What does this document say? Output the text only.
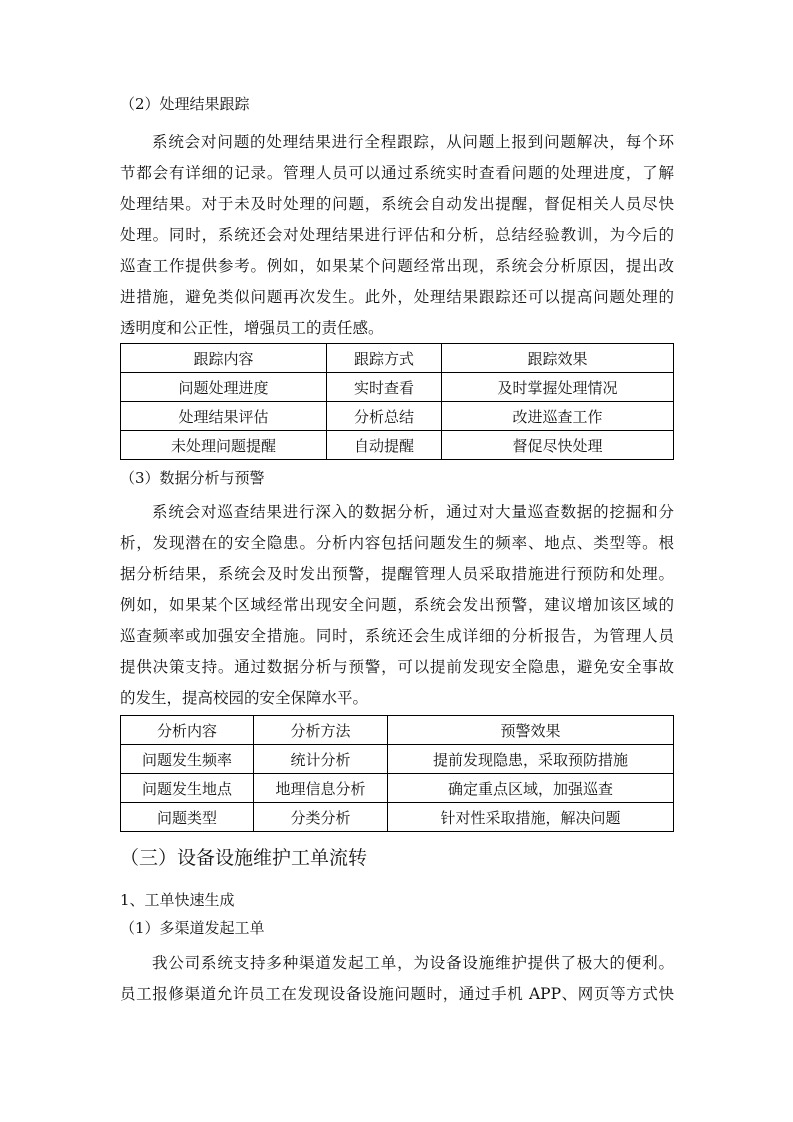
（2）处理结果跟踪
系统会对问题的处理结果进行全程跟踪，从问题上报到问题解决，每个环
节都会有详细的记录。管理人员可以通过系统实时查看问题的处理进度，了解
处理结果。对于未及时处理的问题，系统会自动发出提醒，督促相关人员尽快
处理。同时，系统还会对处理结果进行评估和分析，总结经验教训，为今后的
巡查工作提供参考。例如，如果某个问题经常出现，系统会分析原因，提出改
进措施，避免类似问题再次发生。此外，处理结果跟踪还可以提高问题处理的
透明度和公正性，增强员工的责任感。
跟踪内容	跟踪方式	跟踪效果
问题处理进度	实时查看	及时掌握处理情况
处理结果评估	分析总结	改进巡查工作
未处理问题提醒	自动提醒	督促尽快处理
（3）数据分析与预警
系统会对巡查结果进行深入的数据分析，通过对大量巡查数据的挖掘和分
析，发现潜在的安全隐患。分析内容包括问题发生的频率、地点、类型等。根
据分析结果，系统会及时发出预警，提醒管理人员采取措施进行预防和处理。
例如，如果某个区域经常出现安全问题，系统会发出预警，建议增加该区域的
巡查频率或加强安全措施。同时，系统还会生成详细的分析报告，为管理人员
提供决策支持。通过数据分析与预警，可以提前发现安全隐患，避免安全事故
的发生，提高校园的安全保障水平。
分析内容	分析方法	预警效果
问题发生频率	统计分析	提前发现隐患，采取预防措施
问题发生地点	地理信息分析	确定重点区域，加强巡查
问题类型	分类分析	针对性采取措施，解决问题
（三）设备设施维护工单流转
1、工单快速生成
（1）多渠道发起工单
我公司系统支持多种渠道发起工单，为设备设施维护提供了极大的便利。
员工报修渠道允许员工在发现设备设施问题时，通过手机 APP、网页等方式快
